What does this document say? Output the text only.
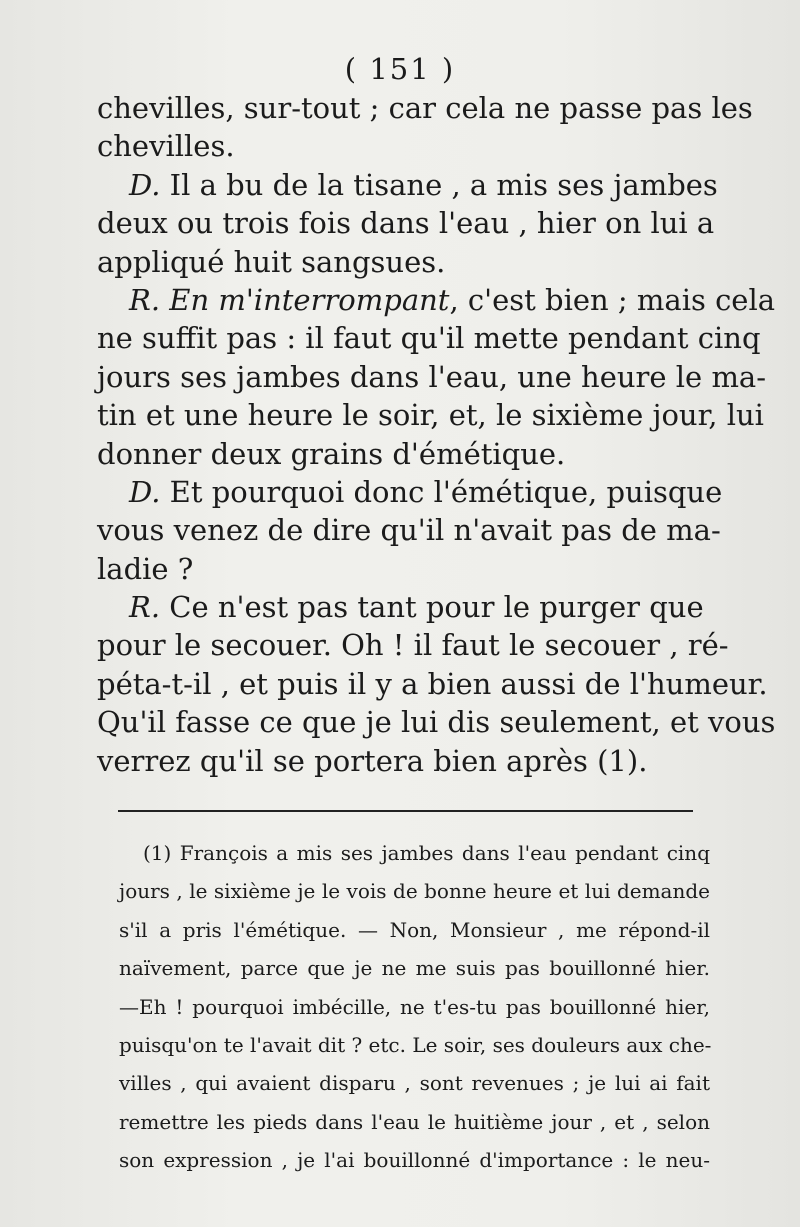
( 151 )
chevilles, sur-tout ; car cela ne passe pas les
chevilles.
D. Il a bu de la tisane , a mis ses jambes
deux ou trois fois dans l'eau , hier on lui a
appliqué huit sangsues.
R. En m'interrompant, c'est bien ; mais cela
ne suffit pas : il faut qu'il mette pendant cinq
jours ses jambes dans l'eau, une heure le ma-
tin et une heure le soir, et, le sixième jour, lui
donner deux grains d'émétique.
D. Et pourquoi donc l'émétique, puisque
vous venez de dire qu'il n'avait pas de ma-
ladie ?
R. Ce n'est pas tant pour le purger que
pour le secouer. Oh ! il faut le secouer , ré-
péta-t-il , et puis il y a bien aussi de l'humeur.
Qu'il fasse ce que je lui dis seulement, et vous
verrez qu'il se portera bien après (1).
(1) François a mis ses jambes dans l'eau pendant cinq
jours , le sixième je le vois de bonne heure et lui demande
s'il a pris l'émétique. — Non, Monsieur , me répond-il
naïvement, parce que je ne me suis pas bouillonné hier.
—Eh ! pourquoi imbécille, ne t'es-tu pas bouillonné hier,
puisqu'on te l'avait dit ? etc. Le soir, ses douleurs aux che-
villes , qui avaient disparu , sont revenues ; je lui ai fait
remettre les pieds dans l'eau le huitième jour , et , selon
son expression , je l'ai bouillonné d'importance : le neu-
